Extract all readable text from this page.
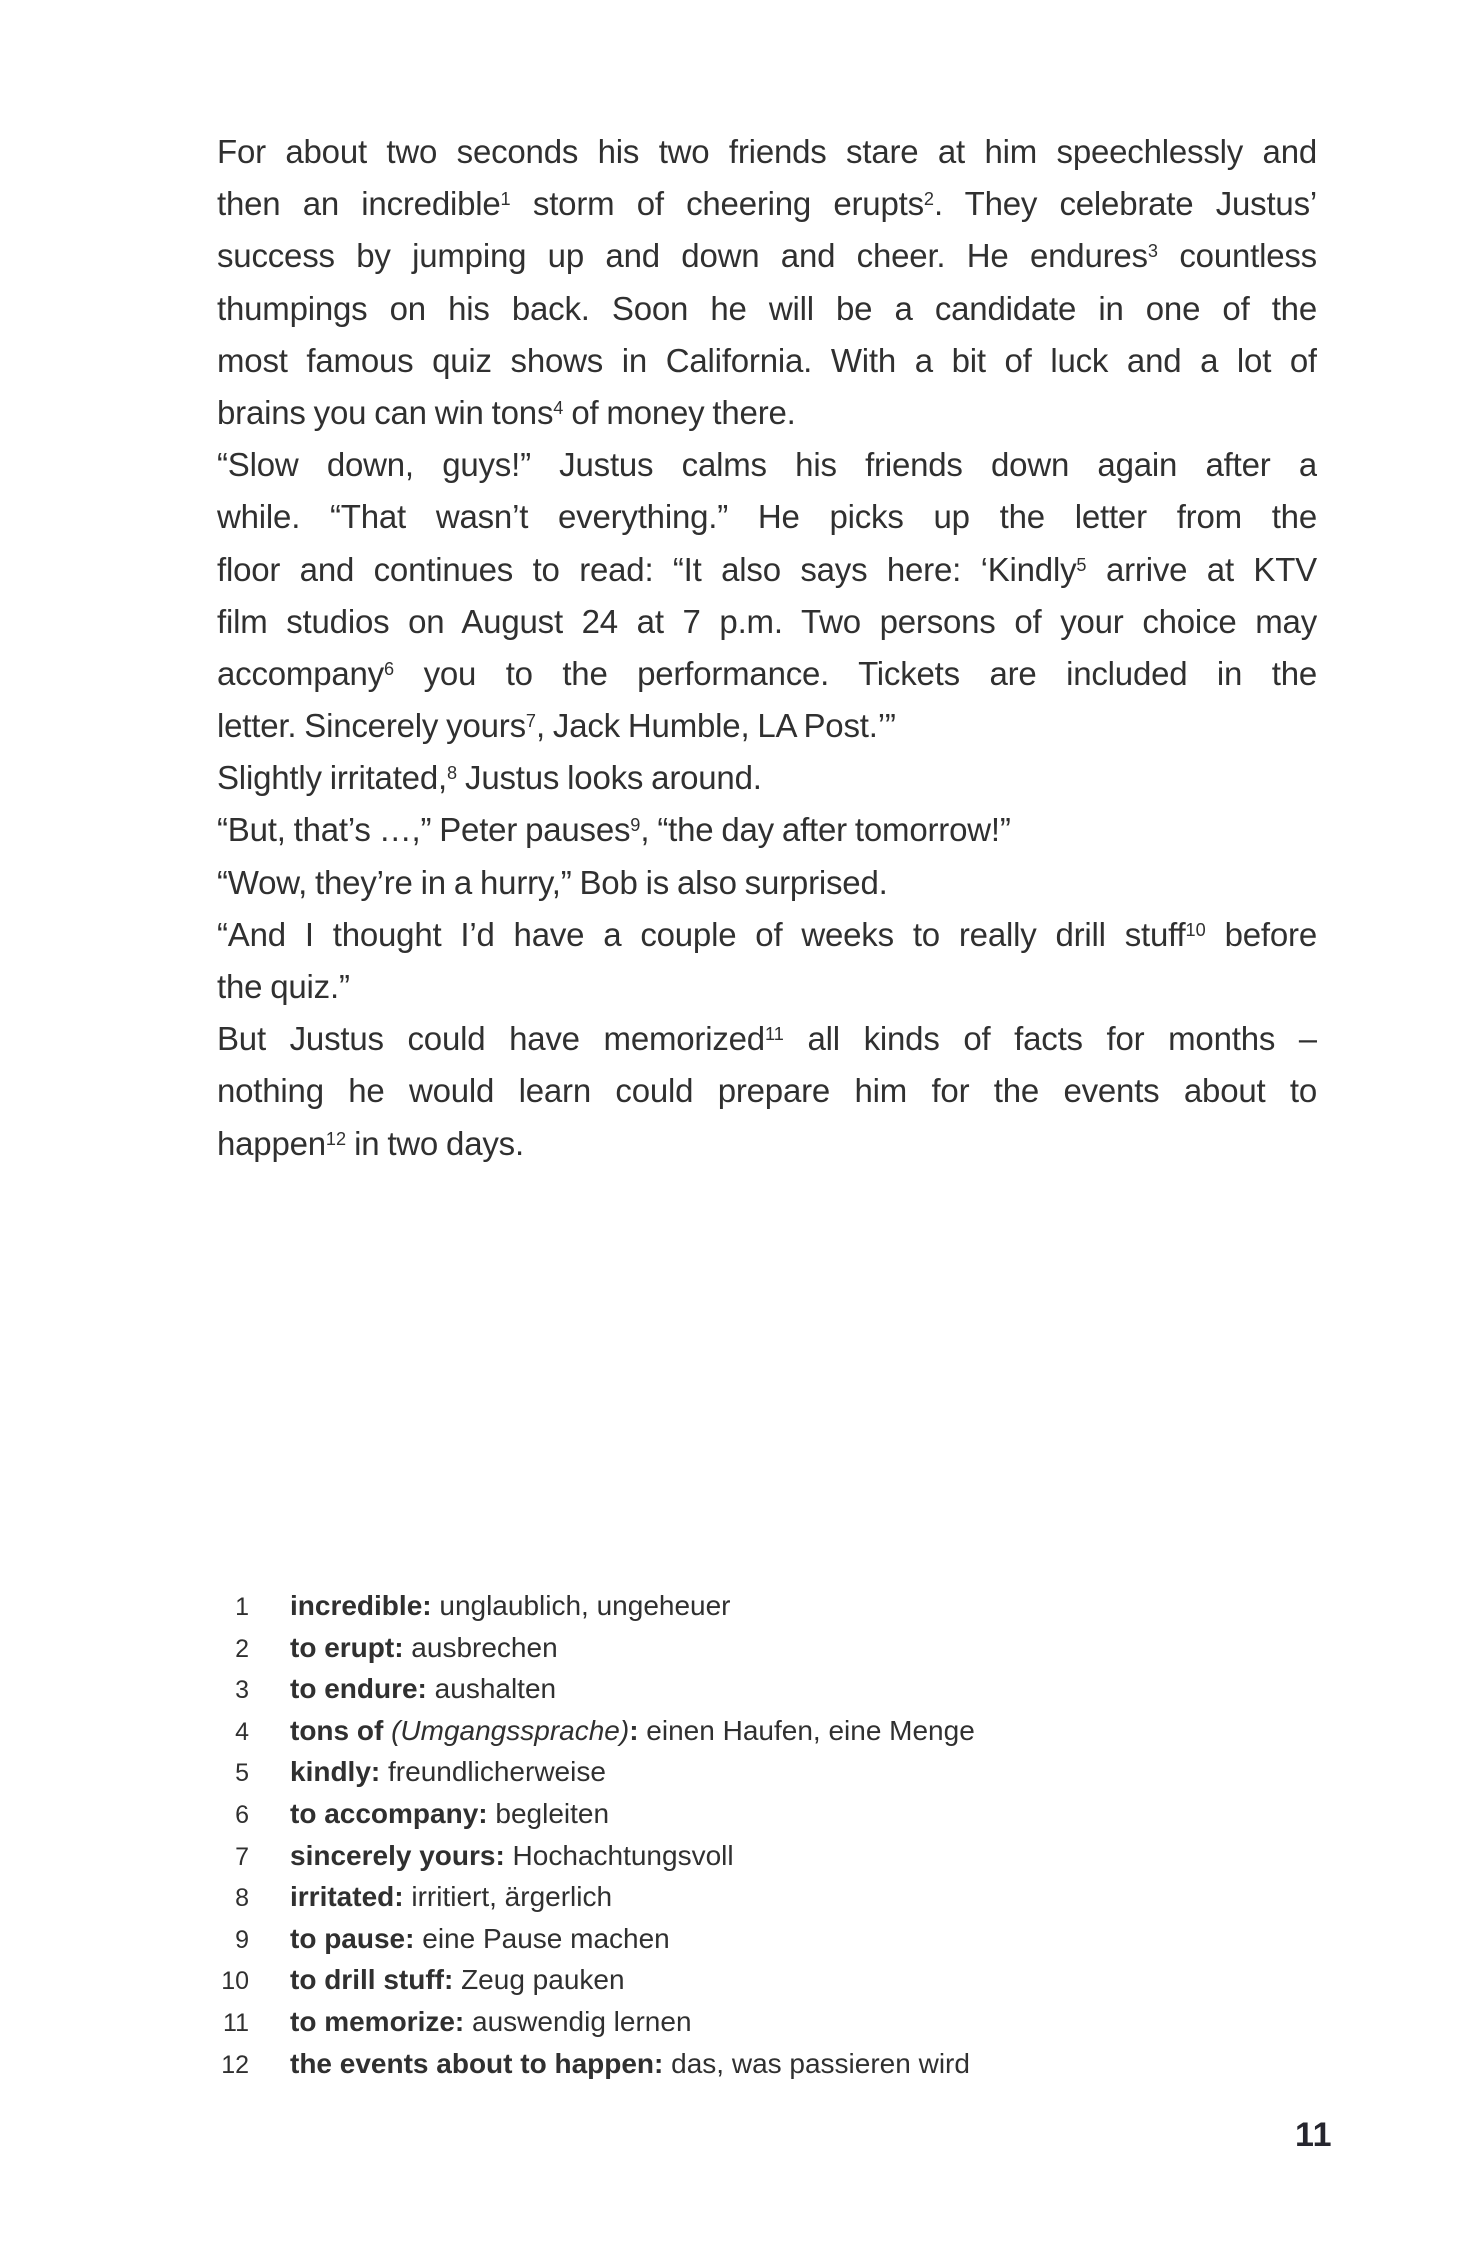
For about two seconds his two friends stare at him speechlessly and
then an incredible$^1$ storm of cheering erupts$^2$. They celebrate Justus’
success by jumping up and down and cheer. He endures$^3$ countless
thumpings on his back. Soon he will be a candidate in one of the
most famous quiz shows in California. With a bit of luck and a lot of
brains you can win tons$^4$ of money there.
“Slow down, guys!” Justus calms his friends down again after a
while. “That wasn’t everything.” He picks up the letter from the
floor and continues to read: “It also says here: ‘Kindly$^5$ arrive at KTV
film studios on August 24 at 7 p.m. Two persons of your choice may
accompany$^6$ you to the performance. Tickets are included in the
letter. Sincerely yours$^7$, Jack Humble, LA Post.’”
Slightly irritated,$^8$ Justus looks around.
“But, that’s …,” Peter pauses$^9$, “the day after tomorrow!”
“Wow, they’re in a hurry,” Bob is also surprised.
“And I thought I’d have a couple of weeks to really drill stuff$^{10}$ before
the quiz.”
But Justus could have memorized$^{11}$ all kinds of facts for months –
nothing he would learn could prepare him for the events about to
happen$^{12}$ in two days.
1 incredible: unglaublich, ungeheuer
2 to erupt: ausbrechen
3 to endure: aushalten
4 tons of (Umgangssprache): einen Haufen, eine Menge
5 kindly: freundlicherweise
6 to accompany: begleiten
7 sincerely yours: Hochachtungsvoll
8 irritated: irritiert, ärgerlich
9 to pause: eine Pause machen
10 to drill stuff: Zeug pauken
11 to memorize: auswendig lernen
12 the events about to happen: das, was passieren wird
11
